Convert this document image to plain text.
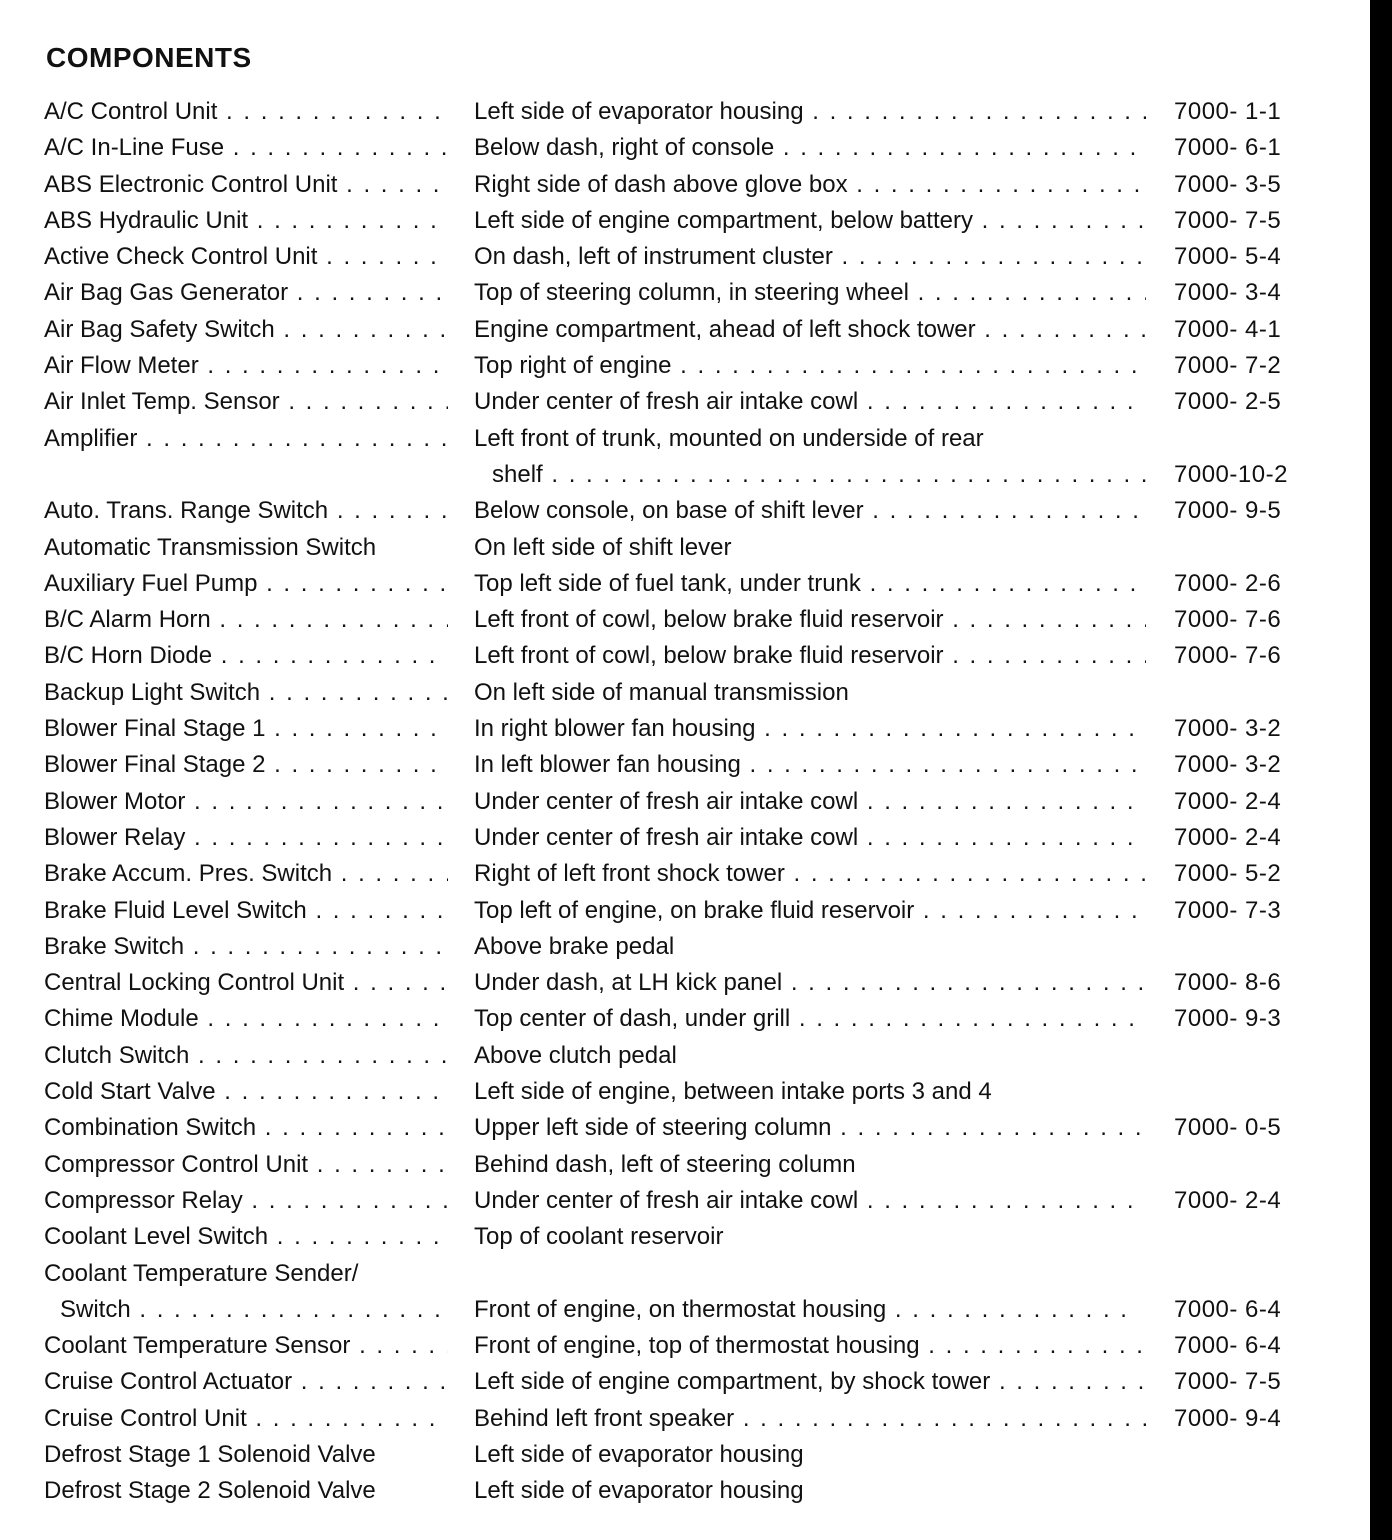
COMPONENTS
A/C Control Unit . . .	Left side of evaporator housing . . .	7000- 1-1
A/C In-Line Fuse . . .	Below dash, right of console . . .	7000- 6-1
ABS Electronic Control Unit . . .	Right side of dash above glove box . . .	7000- 3-5
ABS Hydraulic Unit . . .	Left side of engine compartment, below battery . . .	7000- 7-5
Active Check Control Unit . . .	On dash, left of instrument cluster . . .	7000- 5-4
Air Bag Gas Generator . . .	Top of steering column, in steering wheel . . .	7000- 3-4
Air Bag Safety Switch . . .	Engine compartment, ahead of left shock tower . . .	7000- 4-1
Air Flow Meter . . .	Top right of engine . . .	7000- 7-2
Air Inlet Temp. Sensor . . .	Under center of fresh air intake cowl . . .	7000- 2-5
Amplifier . . .	Left front of trunk, mounted on underside of rear
shelf . . .	7000-10-2
Auto. Trans. Range Switch . . .	Below console, on base of shift lever . . .	7000- 9-5
Automatic Transmission Switch	On left side of shift lever
Auxiliary Fuel Pump . . .	Top left side of fuel tank, under trunk . . .	7000- 2-6
B/C Alarm Horn . . .	Left front of cowl, below brake fluid reservoir . . .	7000- 7-6
B/C Horn Diode . . .	Left front of cowl, below brake fluid reservoir . . .	7000- 7-6
Backup Light Switch . . .	On left side of manual transmission
Blower Final Stage 1 . . .	In right blower fan housing . . .	7000- 3-2
Blower Final Stage 2 . . .	In left blower fan housing . . .	7000- 3-2
Blower Motor . . .	Under center of fresh air intake cowl . . .	7000- 2-4
Blower Relay . . .	Under center of fresh air intake cowl . . .	7000- 2-4
Brake Accum. Pres. Switch . . .	Right of left front shock tower . . .	7000- 5-2
Brake Fluid Level Switch . . .	Top left of engine, on brake fluid reservoir . . .	7000- 7-3
Brake Switch . . .	Above brake pedal
Central Locking Control Unit . . .	Under dash, at LH kick panel . . .	7000- 8-6
Chime Module . . .	Top center of dash, under grill . . .	7000- 9-3
Clutch Switch . . .	Above clutch pedal
Cold Start Valve . . .	Left side of engine, between intake ports 3 and 4
Combination Switch . . .	Upper left side of steering column . . .	7000- 0-5
Compressor Control Unit . . .	Behind dash, left of steering column
Compressor Relay . . .	Under center of fresh air intake cowl . . .	7000- 2-4
Coolant Level Switch . . .	Top of coolant reservoir
Coolant Temperature Sender/
Switch . . .	Front of engine, on thermostat housing . . .	7000- 6-4
Coolant Temperature Sensor . . .	Front of engine, top of thermostat housing . . .	7000- 6-4
Cruise Control Actuator . . .	Left side of engine compartment, by shock tower . . .	7000- 7-5
Cruise Control Unit . . .	Behind left front speaker . . .	7000- 9-4
Defrost Stage 1 Solenoid Valve	Left side of evaporator housing
Defrost Stage 2 Solenoid Valve	Left side of evaporator housing
